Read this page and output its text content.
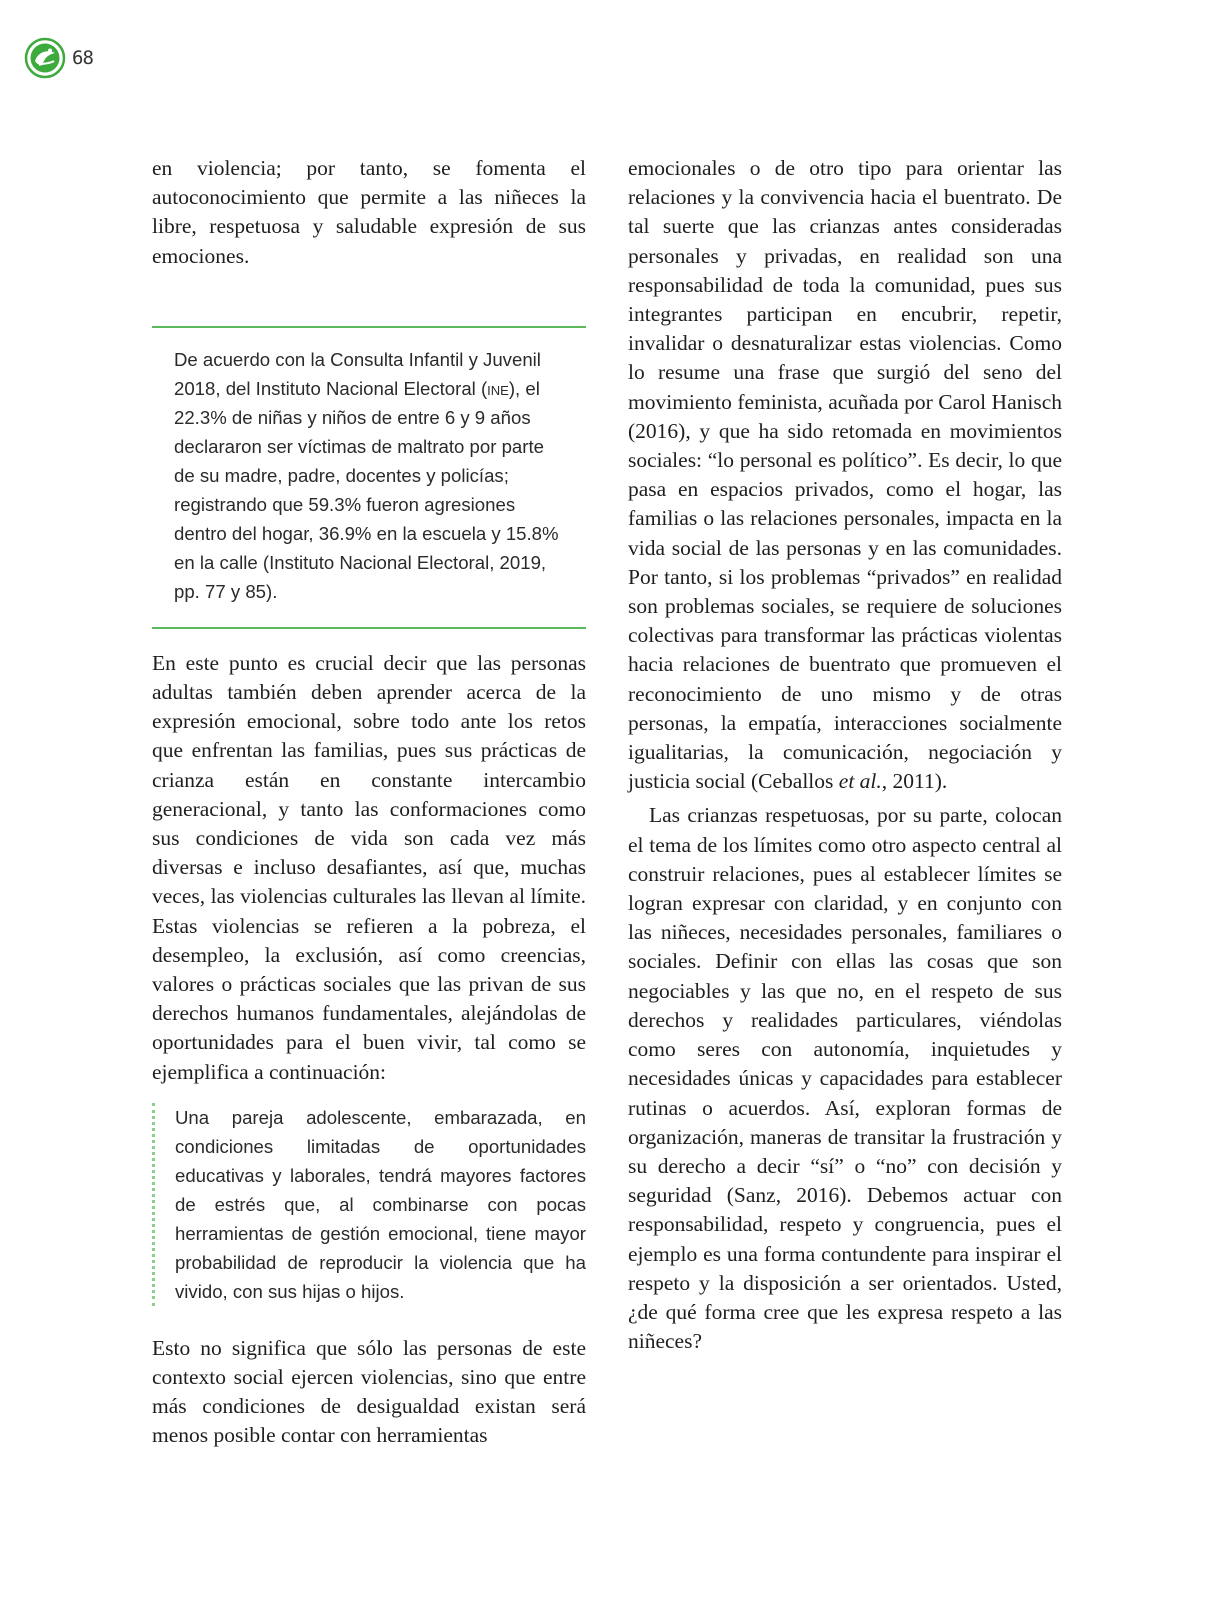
68

en violencia; por tanto, se fomenta el autoconocimiento que permite a las niñeces la libre, respetuosa y saludable expresión de sus emociones.

De acuerdo con la Consulta Infantil y Juvenil 2018, del Instituto Nacional Electoral (ine), el 22.3% de niñas y niños de entre 6 y 9 años declararon ser víctimas de maltrato por parte de su madre, padre, docentes y policías; registrando que 59.3% fueron agresiones dentro del hogar, 36.9% en la escuela y 15.8% en la calle (Instituto Nacional Electoral, 2019, pp. 77 y 85).

En este punto es crucial decir que las personas adultas también deben aprender acerca de la expresión emocional, sobre todo ante los retos que enfrentan las familias, pues sus prácticas de crianza están en constante intercambio generacional, y tanto las conformaciones como sus condiciones de vida son cada vez más diversas e incluso desafiantes, así que, muchas veces, las violencias culturales las llevan al límite. Estas violencias se refieren a la pobreza, el desempleo, la exclusión, así como creencias, valores o prácticas sociales que las privan de sus derechos humanos fundamentales, alejándolas de oportunidades para el buen vivir, tal como se ejemplifica a continuación:

Una pareja adolescente, embarazada, en condiciones limitadas de oportunidades educativas y laborales, tendrá mayores factores de estrés que, al combinarse con pocas herramientas de gestión emocional, tiene mayor probabilidad de reproducir la violencia que ha vivido, con sus hijas o hijos.

Esto no significa que sólo las personas de este contexto social ejercen violencias, sino que entre más condiciones de desigualdad existan será menos posible contar con herramientas

emocionales o de otro tipo para orientar las relaciones y la convivencia hacia el buentrato. De tal suerte que las crianzas antes consideradas personales y privadas, en realidad son una responsabilidad de toda la comunidad, pues sus integrantes participan en encubrir, repetir, invalidar o desnaturalizar estas violencias. Como lo resume una frase que surgió del seno del movimiento feminista, acuñada por Carol Hanisch (2016), y que ha sido retomada en movimientos sociales: “lo personal es político”. Es decir, lo que pasa en espacios privados, como el hogar, las familias o las relaciones personales, impacta en la vida social de las personas y en las comunidades. Por tanto, si los problemas “privados” en realidad son problemas sociales, se requiere de soluciones colectivas para transformar las prácticas violentas hacia relaciones de buentrato que promueven el reconocimiento de uno mismo y de otras personas, la empatía, interacciones socialmente igualitarias, la comunicación, negociación y justicia social (Ceballos et al., 2011).

Las crianzas respetuosas, por su parte, colocan el tema de los límites como otro aspecto central al construir relaciones, pues al establecer límites se logran expresar con claridad, y en conjunto con las niñeces, necesidades personales, familiares o sociales. Definir con ellas las cosas que son negociables y las que no, en el respeto de sus derechos y realidades particulares, viéndolas como seres con autonomía, inquietudes y necesidades únicas y capacidades para establecer rutinas o acuerdos. Así, exploran formas de organización, maneras de transitar la frustración y su derecho a decir “sí” o “no” con decisión y seguridad (Sanz, 2016). Debemos actuar con responsabilidad, respeto y congruencia, pues el ejemplo es una forma contundente para inspirar el respeto y la disposición a ser orientados. Usted, ¿de qué forma cree que les expresa respeto a las niñeces?
